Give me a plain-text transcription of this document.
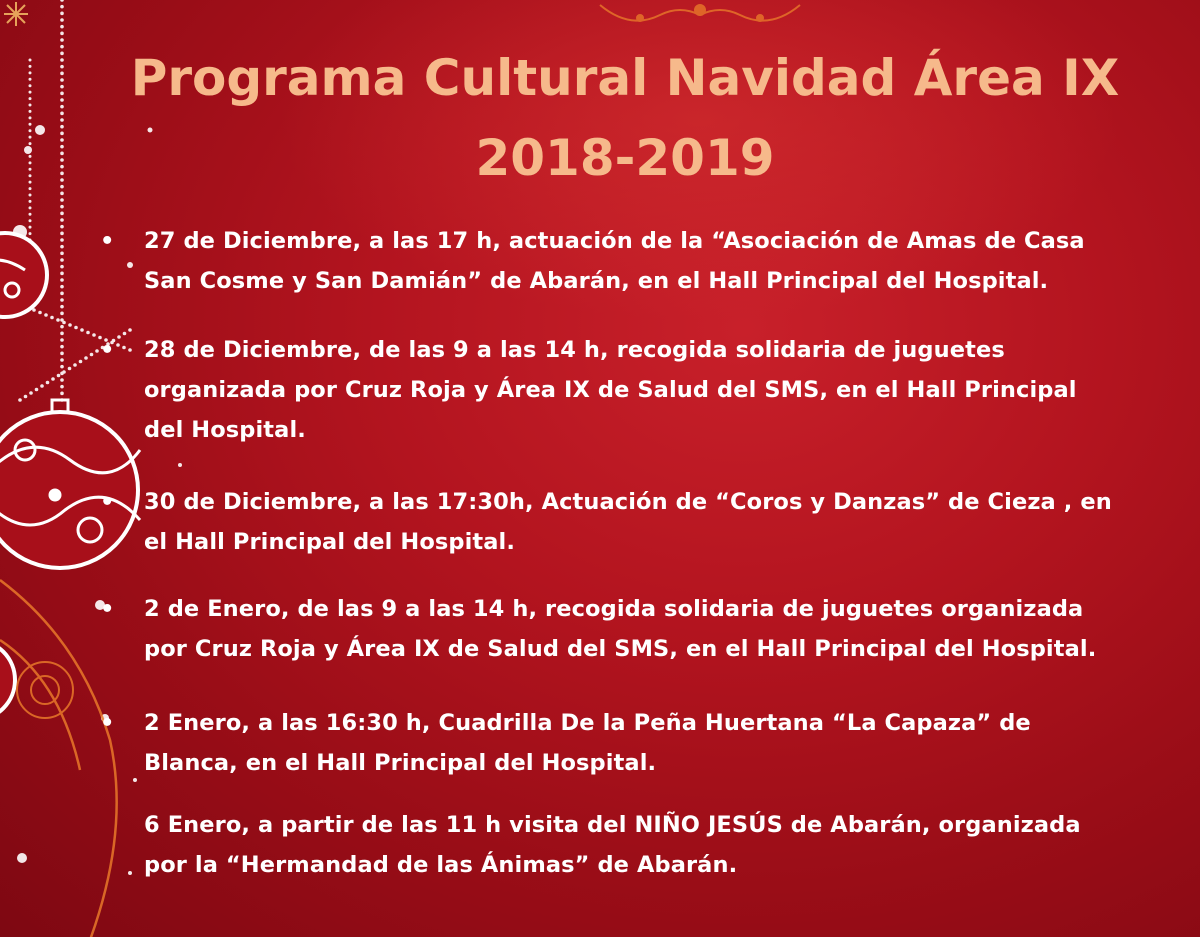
Programa Cultural Navidad Área IX
2018-2019
• 27 de Diciembre, a las 17 h, actuación de la “Asociación de Amas de Casa
San Cosme y San Damián” de Abarán, en el Hall Principal del Hospital.
• 28 de Diciembre, de las 9 a las 14 h, recogida solidaria de juguetes
organizada por Cruz Roja y Área IX de Salud del SMS, en el Hall Principal
del Hospital.
• 30 de Diciembre, a las 17:30h, Actuación de “Coros y Danzas” de Cieza , en
el Hall Principal del Hospital.
• 2 de Enero, de las 9 a las 14 h, recogida solidaria de juguetes organizada
por Cruz Roja y Área IX de Salud del SMS, en el Hall Principal del Hospital.
• 2 Enero, a las 16:30 h, Cuadrilla De la Peña Huertana “La Capaza” de
Blanca, en el Hall Principal del Hospital.
6 Enero, a partir de las 11 h visita del NIÑO JESÚS de Abarán, organizada
por la “Hermandad de las Ánimas” de Abarán.
